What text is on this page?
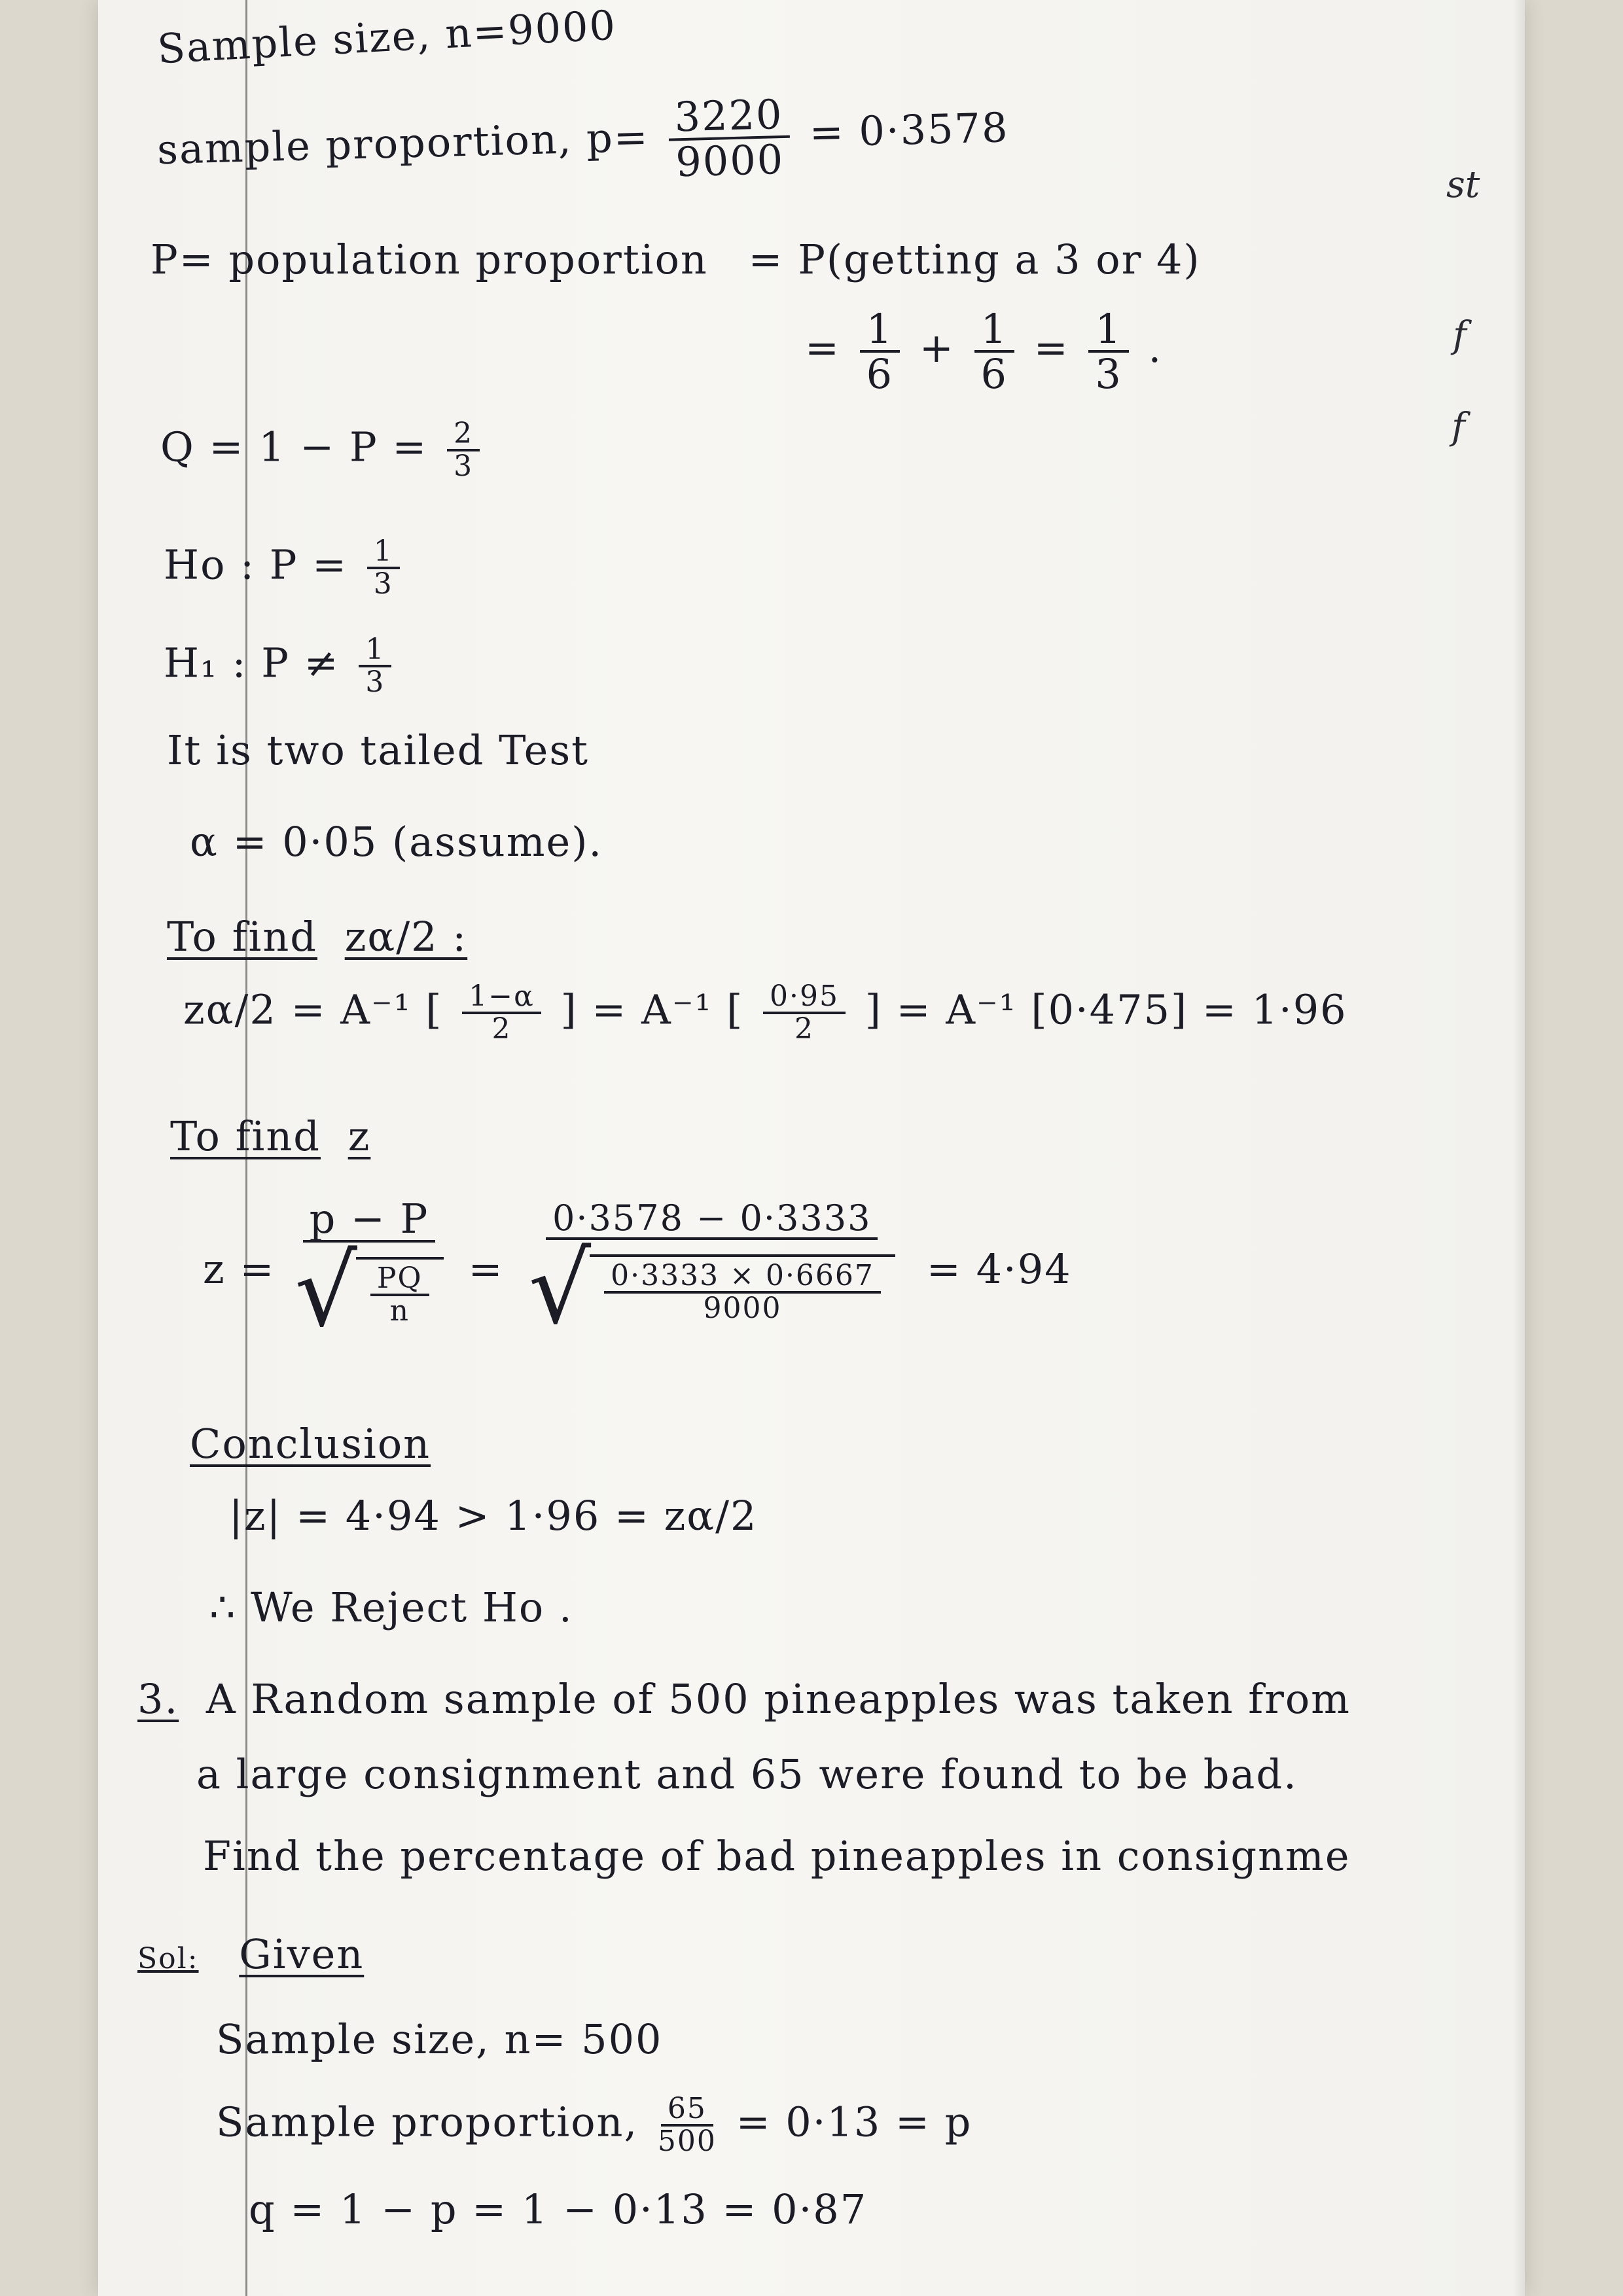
st
f
f
Sample size, n=9000
sample proportion, $p= \frac{3220}{9000} = 0\cdot 3578$
P= population proportion = P(getting a 3 or 4)
= $\frac{1}{6} + \frac{1}{6} = \frac{1}{3}$ .
$Q = 1 - P = \frac{2}{3}$
Ho : $P = \frac{1}{3}$
H₁ : $P \ne \frac{1}{3}$
It is two tailed Test
α = 0·05 (assume).
To find zα/2 :
zα/2 = A⁻¹ [ $\frac{1-\alpha}{2}$ ] = A⁻¹ [ $\frac{0\cdot 95}{2}$ ] = A⁻¹ [0·475] = 1·96
To find z
$z = \frac{p - P}{√ \frac{PQ}{n}}$ =
0·3578 − 0·3333
√ $\frac{0\cdot 3333 \times 0\cdot 6667}{9000} = 4\cdot 94$
Conclusion
|z| = 4·94 > 1·96 = zα/2
∴ We Reject Ho .
3. A Random sample of 500 pineapples was taken from
a large consignment and 65 were found to be bad.
Find the percentage of bad pineapples in consignme
Sol: Given
Sample size, n= 500
Sample proportion, $\frac{65}{500} = 0\cdot 13 = p$
q = 1 − p = 1 − 0·13 = 0·87
